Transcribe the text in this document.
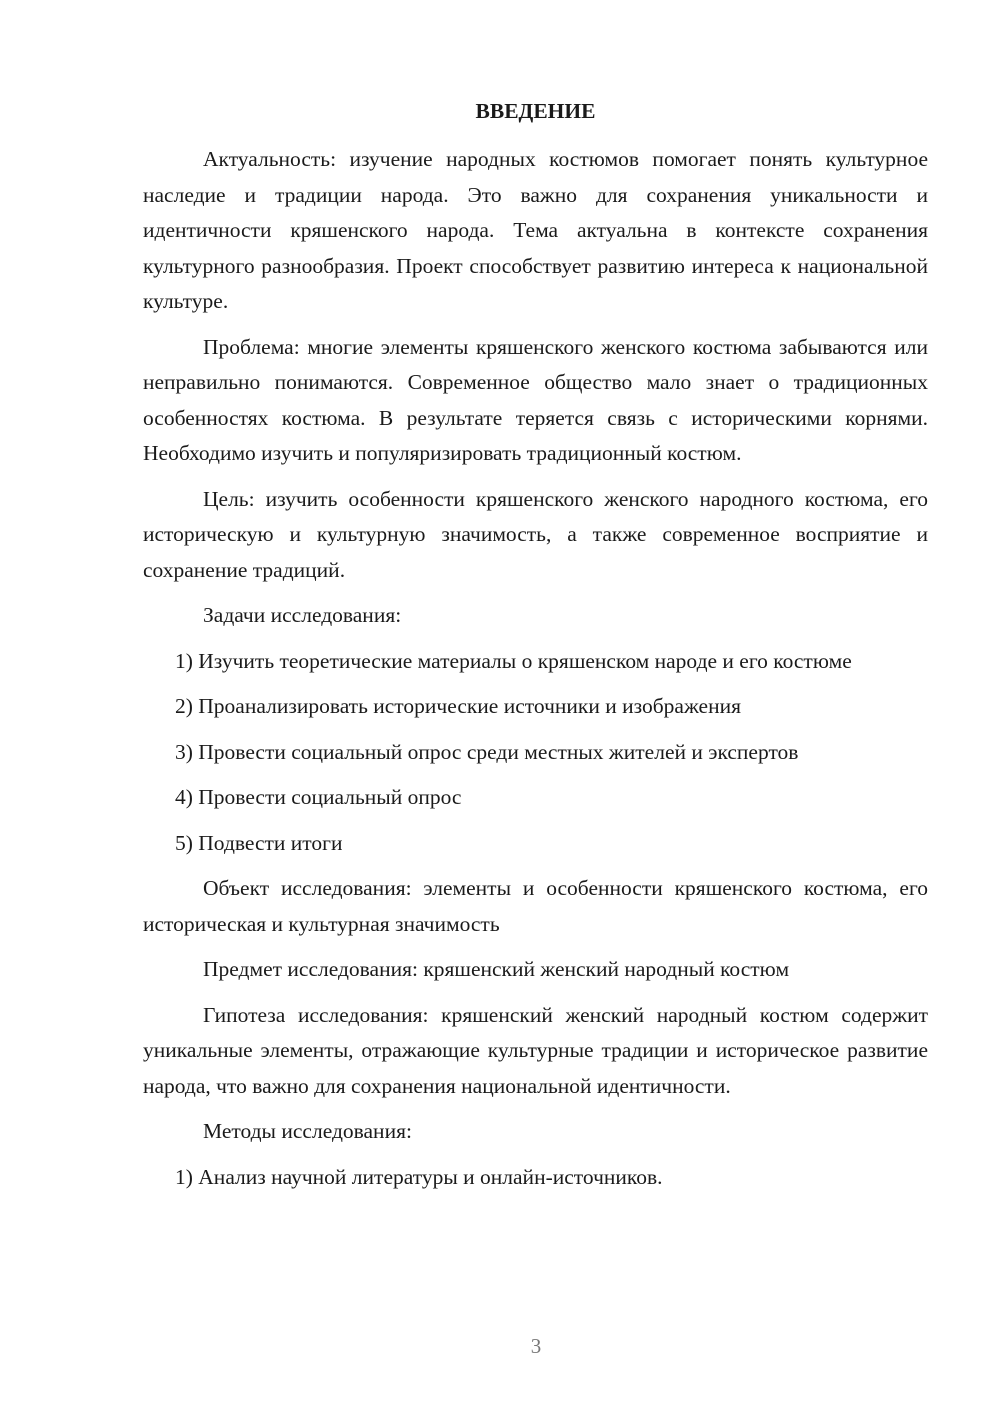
ВВЕДЕНИЕ

Актуальность: изучение народных костюмов помогает понять культурное наследие и традиции народа. Это важно для сохранения уникальности и идентичности кряшенского народа. Тема актуальна в контексте сохранения культурного разнообразия. Проект способствует развитию интереса к национальной культуре.

Проблема: многие элементы кряшенского женского костюма забываются или неправильно понимаются. Современное общество мало знает о традиционных особенностях костюма. В результате теряется связь с историческими корнями. Необходимо изучить и популяризировать традиционный костюм.

Цель: изучить особенности кряшенского женского народного костюма, его историческую и культурную значимость, а также современное восприятие и сохранение традиций.

Задачи исследования:

1) Изучить теоретические материалы о кряшенском народе и его костюме

2) Проанализировать исторические источники и изображения

3) Провести социальный опрос среди местных жителей и экспертов

4) Провести социальный опрос

5) Подвести итоги

Объект исследования: элементы и особенности кряшенского костюма, его историческая и культурная значимость

Предмет исследования: кряшенский женский народный костюм

Гипотеза исследования: кряшенский женский народный костюм содержит уникальные элементы, отражающие культурные традиции и историческое развитие народа, что важно для сохранения национальной идентичности.

Методы исследования:

1) Анализ научной литературы и онлайн-источников.

3
